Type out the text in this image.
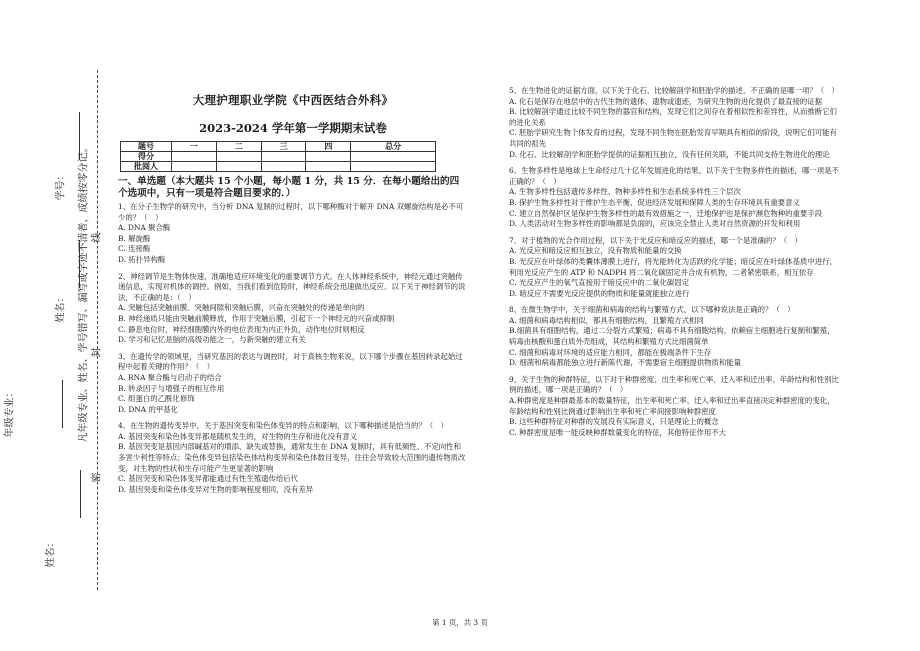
学号：
姓名：	凡年级专业、姓名、学号错写、漏写或字迹不清者，成绩按零分记。
年级专业：
姓名：
线
封
密
大理护理职业学院《中西医结合外科》
2023-2024 学年第一学期期末试卷
题号	一	二	三	四	总分
得分					
批阅人					
一、单选题（本大题共 15 个小题，每小题 1 分，共 15 分．在每小题给出的四个选项中，只有一项是符合题目要求的．）

1、在分子生物学的研究中，当分析 DNA 复制的过程时，以下哪种酶对于解开 DNA 双螺旋结构是必不可少的？（　）

A. DNA 聚合酶

B. 解旋酶

C. 连接酶

D. 拓扑异构酶

2、神经调节是生物体快速、准确地适应环境变化的重要调节方式。在人体神经系统中，神经元通过突触传递信息，实现对机体的调控。例如，当我们看到危险时，神经系统会迅速做出反应。以下关于神经调节的说法，不正确的是：（　）

A. 突触包括突触前膜、突触间隙和突触后膜，兴奋在突触处的传递是单向的

B. 神经递质只能由突触前膜释放，作用于突触后膜，引起下一个神经元的兴奋或抑制

C. 静息电位时，神经细胞膜内外的电位表现为内正外负，动作电位时则相反

D. 学习和记忆是脑的高级功能之一，与新突触的建立有关

3、在遗传学的领域里，当研究基因的表达与调控时，对于真核生物来说，以下哪个步骤在基因转录起始过程中起着关键的作用？（　）

A. RNA 聚合酶与启动子的结合

B. 转录因子与增强子的相互作用

C. 组蛋白的乙酰化修饰

D. DNA 的甲基化

4、在生物的遗传变异中，关于基因突变和染色体变异的特点和影响，以下哪种描述是恰当的？（　）

A. 基因突变和染色体变异都是随机发生的，对生物的生存和进化没有意义

B. 基因突变是基因内部碱基对的增添、缺失或替换，通常发生在 DNA 复制时，具有低频性、不定向性和多害少利性等特点；染色体变异包括染色体结构变异和染色体数目变异，往往会导致较大范围的遗传物质改变，对生物的性状和生存可能产生更显著的影响

C. 基因突变和染色体变异都能通过有性生殖遗传给后代

D. 基因突变和染色体变异对生物的影响程度相同，没有差异

5、在生物进化的证据方面，以下关于化石、比较解剖学和胚胎学的描述，不正确的是哪一项？（　）

A. 化石是保存在地层中的古代生物的遗体、遗物或遗迹，为研究生物的进化提供了最直接的证据

B. 比较解剖学通过比较不同生物的器官和结构，发现它们之间存在着相似性和差异性，从而推断它们的进化关系

C. 胚胎学研究生物个体发育的过程，发现不同生物在胚胎发育早期具有相似的阶段，说明它们可能有共同的祖先

D. 化石、比较解剖学和胚胎学提供的证据相互独立，没有任何关联，不能共同支持生物进化的理论

6、生物多样性是地球上生命经过几十亿年发展进化的结果。以下关于生物多样性的描述，哪一项是不正确的？（　）

A. 生物多样性包括遗传多样性、物种多样性和生态系统多样性三个层次

B. 保护生物多样性对于维护生态平衡、促进经济发展和保障人类的生存环境具有重要意义

C. 建立自然保护区是保护生物多样性的最有效措施之一，迁地保护也是保护濒危物种的重要手段

D. 人类活动对生物多样性的影响都是负面的，应该完全禁止人类对自然资源的开发和利用

7、对于植物的光合作用过程，以下关于光反应和暗反应的描述，哪一个是准确的？（　）

A. 光反应和暗反应相互独立，没有物质和能量的交换

B. 光反应在叶绿体的类囊体薄膜上进行，将光能转化为活跃的化学能；暗反应在叶绿体基质中进行，利用光反应产生的 ATP 和 NADPH 将二氧化碳固定并合成有机物，二者紧密联系，相互依存

C. 光反应产生的氧气直接用于暗反应中的二氧化碳固定

D. 暗反应不需要光反应提供的物质和能量就能独立进行

8、在微生物学中，关于细菌和病毒的结构与繁殖方式，以下哪种说法是正确的？（　）

A. 细菌和病毒结构相似，都具有细胞结构，且繁殖方式相同

B.细菌具有细胞结构，通过二分裂方式繁殖；病毒不具有细胞结构，依赖宿主细胞进行复制和繁殖，病毒由核酸和蛋白质外壳组成，其结构和繁殖方式比细菌简单

C. 细菌和病毒对环境的适应能力相同，都能在极端条件下生存

D. 细菌和病毒都能独立进行新陈代谢，不需要宿主细胞提供物质和能量

9、关于生物的种群特征，以下对于种群密度、出生率和死亡率、迁入率和迁出率、年龄结构和性别比例的描述，哪一项是正确的？（　）

A.种群密度是种群最基本的数量特征，出生率和死亡率、迁入率和迁出率直接决定种群密度的变化，年龄结构和性别比例通过影响出生率和死亡率间接影响种群密度

B. 这些种群特征对种群的发展没有实际意义，只是理论上的概念

C. 种群密度是唯一能反映种群数量变化的特征，其他特征作用不大

第 1 页，共 3 页
